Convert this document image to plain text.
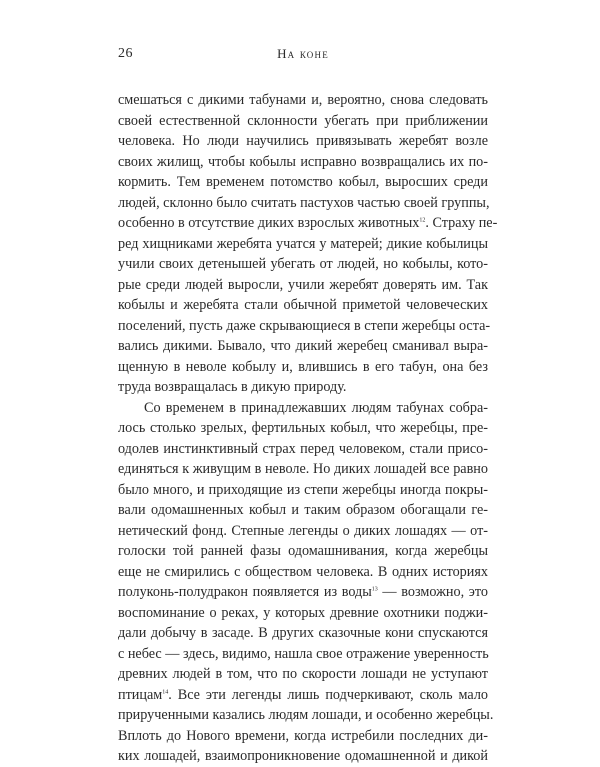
26	На коне
смешаться с дикими табунами и, вероятно, снова следовать
своей естественной склонности убегать при приближении
человека. Но люди научились привязывать жеребят возле
своих жилищ, чтобы кобылы исправно возвращались их по-
кормить. Тем временем потомство кобыл, выросших среди
людей, склонно было считать пастухов частью своей группы,
особенно в отсутствие диких взрослых животных$^{12}$. Страху пе-
ред хищниками жеребята учатся у матерей; дикие кобылицы
учили своих детенышей убегать от людей, но кобылы, кото-
рые среди людей выросли, учили жеребят доверять им. Так
кобылы и жеребята стали обычной приметой человеческих
поселений, пусть даже скрывающиеся в степи жеребцы оста-
вались дикими. Бывало, что дикий жеребец сманивал выра-
щенную в неволе кобылу и, влившись в его табун, она без
труда возвращалась в дикую природу.
Со временем в принадлежавших людям табунах собра-
лось столько зрелых, фертильных кобыл, что жеребцы, пре-
одолев инстинктивный страх перед человеком, стали присо-
единяться к живущим в неволе. Но диких лошадей все равно
было много, и приходящие из степи жеребцы иногда покры-
вали одомашненных кобыл и таким образом обогащали ге-
нетический фонд. Степные легенды о диких лошадях — от-
голоски той ранней фазы одомашнивания, когда жеребцы
еще не смирились с обществом человека. В одних историях
полуконь-полудракон появляется из воды$^{13}$ — возможно, это
воспоминание о реках, у которых древние охотники поджи-
дали добычу в засаде. В других сказочные кони спускаются
с небес — здесь, видимо, нашла свое отражение уверенность
древних людей в том, что по скорости лошади не уступают
птицам$^{14}$. Все эти легенды лишь подчеркивают, сколь мало
прирученными казались людям лошади, и особенно жеребцы.
Вплоть до Нового времени, когда истребили последних ди-
ких лошадей, взаимопроникновение одомашненной и дикой
